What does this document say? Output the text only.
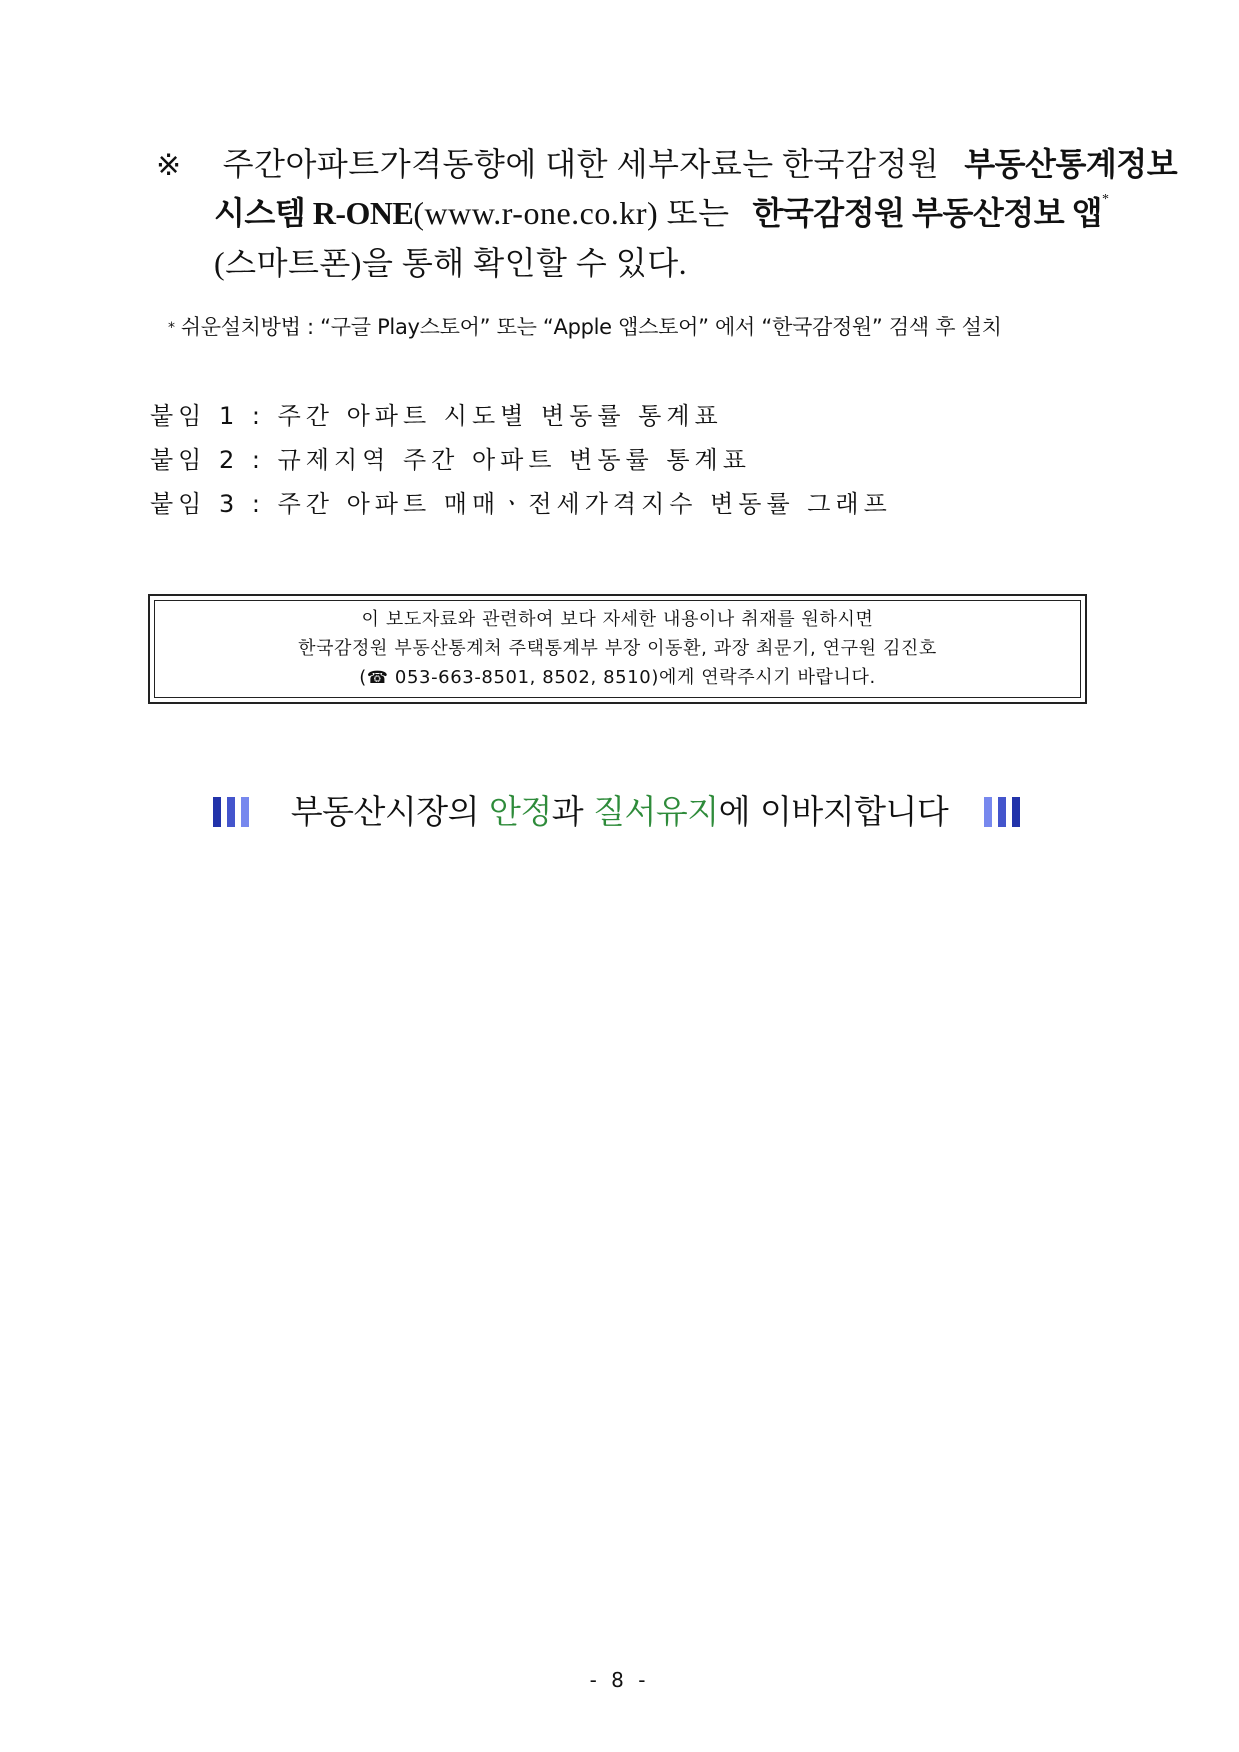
※ 주간아파트가격동향에 대한 세부자료는 한국감정원 부동산통계정보
시스템 R-ONE(www.r-one.co.kr) 또는 한국감정원 부동산정보 앱*
(스마트폰)을 통해 확인할 수 있다.
* 쉬운설치방법 : “구글 Play스토어” 또는 “Apple 앱스토어” 에서 “한국감정원” 검색 후 설치
붙임 1 : 주간 아파트 시도별 변동률 통계표
붙임 2 : 규제지역 주간 아파트 변동률 통계표
붙임 3 : 주간 아파트 매매ㆍ전세가격지수 변동률 그래프
이 보도자료와 관련하여 보다 자세한 내용이나 취재를 원하시면
한국감정원 부동산통계처 주택통계부 부장 이동환, 과장 최문기, 연구원 김진호
(☎ 053-663-8501, 8502, 8510)에게 연락주시기 바랍니다.
부동산시장의 안정과 질서유지에 이바지합니다
- 8 -
